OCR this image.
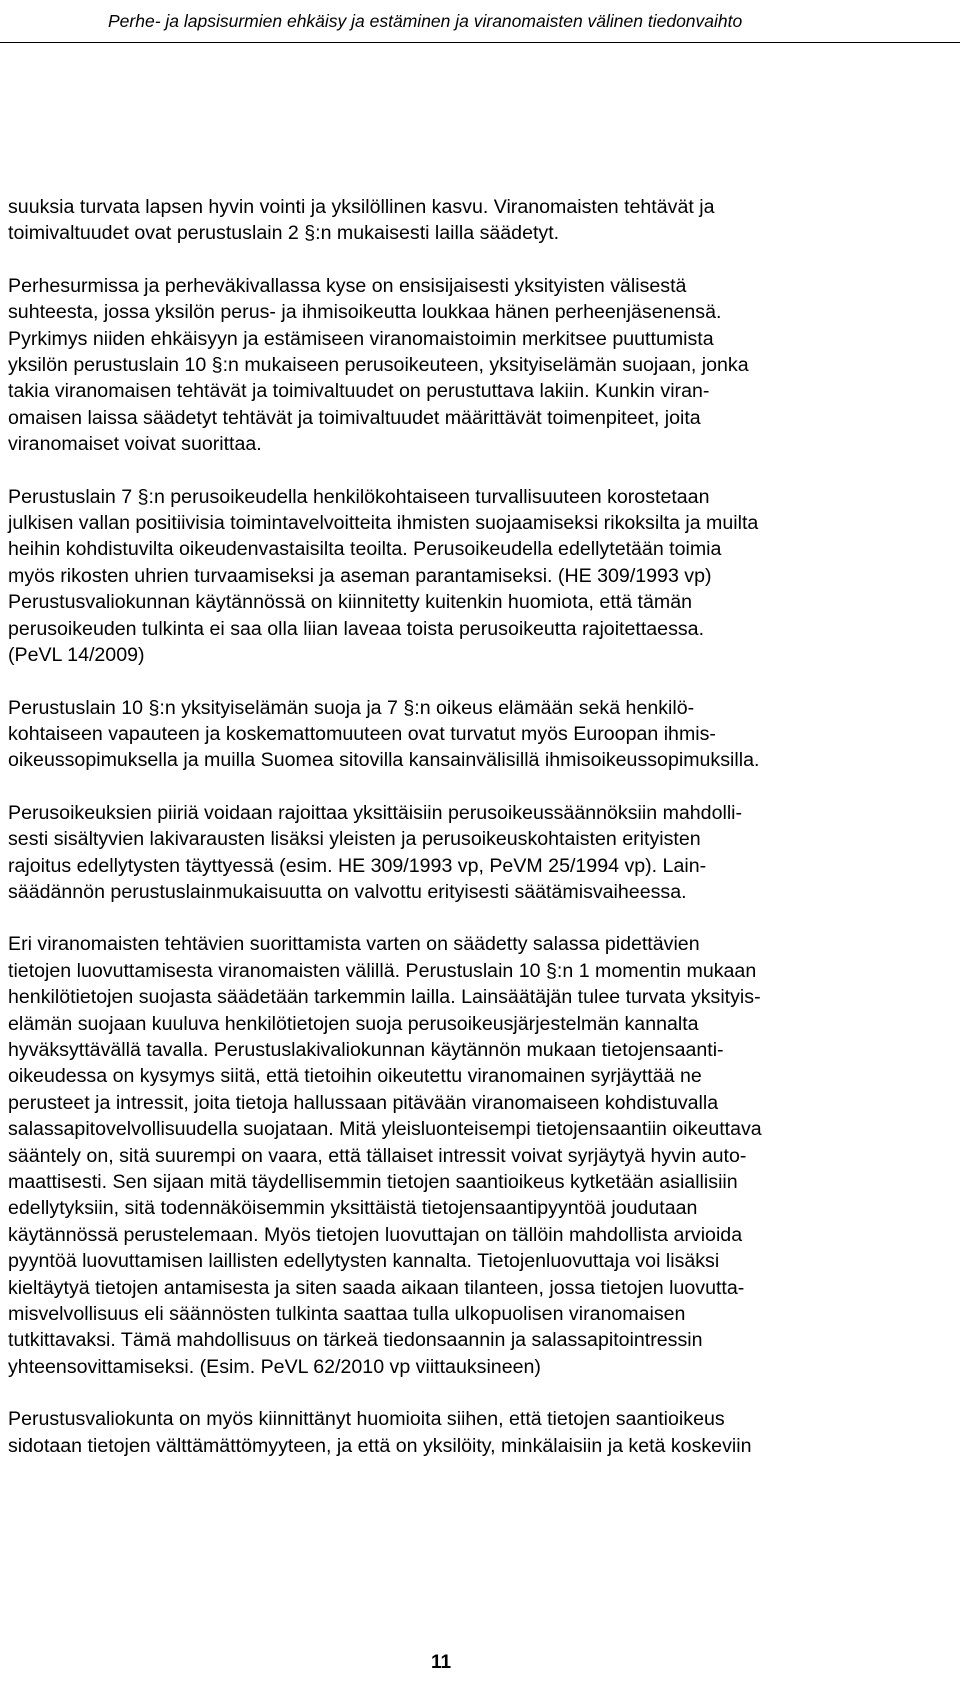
Perhe- ja lapsisurmien ehkäisy ja estäminen ja viranomaisten välinen tiedonvaihto
suuksia turvata lapsen hyvin vointi ja yksilöllinen kasvu. Viranomaisten tehtävät ja
toimivaltuudet ovat perustuslain 2 §:n mukaisesti lailla säädetyt.
Perhesurmissa ja perheväkivallassa kyse on ensisijaisesti yksityisten välisestä
suhteesta, jossa yksilön perus- ja ihmisoikeutta loukkaa hänen perheenjäsenensä.
Pyrkimys niiden ehkäisyyn ja estämiseen viranomaistoimin merkitsee puuttumista
yksilön perustuslain 10 §:n mukaiseen perusoikeuteen, yksityiselämän suojaan, jonka
takia viranomaisen tehtävät ja toimivaltuudet on perustuttava lakiin. Kunkin viran-
omaisen laissa säädetyt tehtävät ja toimivaltuudet määrittävät toimenpiteet, joita
viranomaiset voivat suorittaa.
Perustuslain 7 §:n perusoikeudella henkilökohtaiseen turvallisuuteen korostetaan
julkisen vallan positiivisia toimintavelvoitteita ihmisten suojaamiseksi rikoksilta ja muilta
heihin kohdistuvilta oikeudenvastaisilta teoilta. Perusoikeudella edellytetään toimia
myös rikosten uhrien turvaamiseksi ja aseman parantamiseksi. (HE 309/1993 vp)
Perustusvaliokunnan käytännössä on kiinnitetty kuitenkin huomiota, että tämän
perusoikeuden tulkinta ei saa olla liian laveaa toista perusoikeutta rajoitettaessa.
(PeVL 14/2009)
Perustuslain 10 §:n yksityiselämän suoja ja 7 §:n oikeus elämään sekä henkilö-
kohtaiseen vapauteen ja koskemattomuuteen ovat turvatut myös Euroopan ihmis-
oikeussopimuksella ja muilla Suomea sitovilla kansainvälisillä ihmisoikeussopimuksilla.
Perusoikeuksien piiriä voidaan rajoittaa yksittäisiin perusoikeussäännöksiin mahdolli-
sesti sisältyvien lakivarausten lisäksi yleisten ja perusoikeuskohtaisten erityisten
rajoitus edellytysten täyttyessä (esim. HE 309/1993 vp, PeVM 25/1994 vp). Lain-
säädännön perustuslainmukaisuutta on valvottu erityisesti säätämisvaiheessa.
Eri viranomaisten tehtävien suorittamista varten on säädetty salassa pidettävien
tietojen luovuttamisesta viranomaisten välillä. Perustuslain 10 §:n 1 momentin mukaan
henkilötietojen suojasta säädetään tarkemmin lailla. Lainsäätäjän tulee turvata yksityis-
elämän suojaan kuuluva henkilötietojen suoja perusoikeusjärjestelmän kannalta
hyväksyttävällä tavalla. Perustuslakivaliokunnan käytännön mukaan tietojensaanti-
oikeudessa on kysymys siitä, että tietoihin oikeutettu viranomainen syrjäyttää ne
perusteet ja intressit, joita tietoja hallussaan pitävään viranomaiseen kohdistuvalla
salassapitovelvollisuudella suojataan. Mitä yleisluonteisempi tietojensaantiin oikeuttava
sääntely on, sitä suurempi on vaara, että tällaiset intressit voivat syrjäytyä hyvin auto-
maattisesti. Sen sijaan mitä täydellisemmin tietojen saantioikeus kytketään asiallisiin
edellytyksiin, sitä todennäköisemmin yksittäistä tietojensaantipyyntöä joudutaan
käytännössä perustelemaan. Myös tietojen luovuttajan on tällöin mahdollista arvioida
pyyntöä luovuttamisen laillisten edellytysten kannalta. Tietojenluovuttaja voi lisäksi
kieltäytyä tietojen antamisesta ja siten saada aikaan tilanteen, jossa tietojen luovutta-
misvelvollisuus eli säännösten tulkinta saattaa tulla ulkopuolisen viranomaisen
tutkittavaksi. Tämä mahdollisuus on tärkeä tiedonsaannin ja salassapitointressin
yhteensovittamiseksi. (Esim. PeVL 62/2010 vp viittauksineen)
Perustusvaliokunta on myös kiinnittänyt huomioita siihen, että tietojen saantioikeus
sidotaan tietojen välttämättömyyteen, ja että on yksilöity, minkälaisiin ja ketä koskeviin
11
